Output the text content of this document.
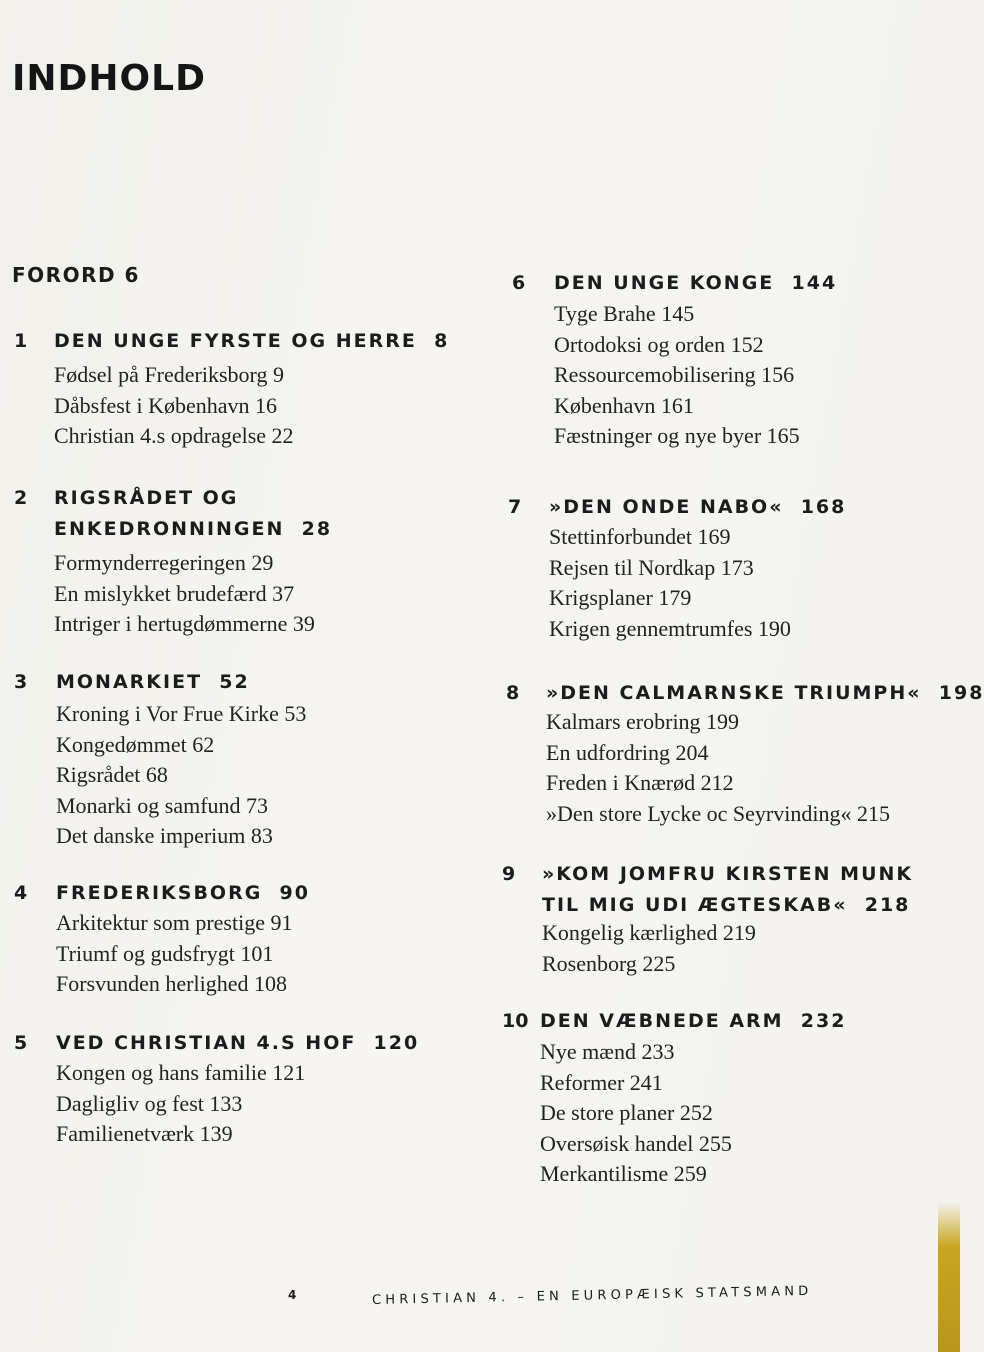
INDHOLD
FORORD 6
1 DEN UNGE FYRSTE OG HERRE  8
Fødsel på Frederiksborg 9
Dåbsfest i København 16
Christian 4.s opdragelse 22
2 RIGSRÅDET OG
ENKEDRONNINGEN  28
Formynderregeringen 29
En mislykket brudefærd 37
Intriger i hertugdømmerne 39
3 MONARKIET  52
Kroning i Vor Frue Kirke 53
Kongedømmet 62
Rigsrådet 68
Monarki og samfund 73
Det danske imperium 83
4 FREDERIKSBORG  90
Arkitektur som prestige 91
Triumf og gudsfrygt 101
Forsvunden herlighed 108
5 VED CHRISTIAN 4.S HOF  120
Kongen og hans familie 121
Dagligliv og fest 133
Familienetværk 139
6 DEN UNGE KONGE  144
Tyge Brahe 145
Ortodoksi og orden 152
Ressourcemobilisering 156
København 161
Fæstninger og nye byer 165
7 »DEN ONDE NABO«  168
Stettinforbundet 169
Rejsen til Nordkap 173
Krigsplaner 179
Krigen gennemtrumfes 190
8 »DEN CALMARNSKE TRIUMPH«  198
Kalmars erobring 199
En udfordring 204
Freden i Knærød 212
»Den store Lycke oc Seyrvinding« 215
9 »KOM JOMFRU KIRSTEN MUNK
TIL MIG UDI ÆGTESKAB«  218
Kongelig kærlighed 219
Rosenborg 225
10 DEN VÆBNEDE ARM  232
Nye mænd 233
Reformer 241
De store planer 252
Oversøisk handel 255
Merkantilisme 259
4	CHRISTIAN 4. – EN EUROPÆISK STATSMAND
